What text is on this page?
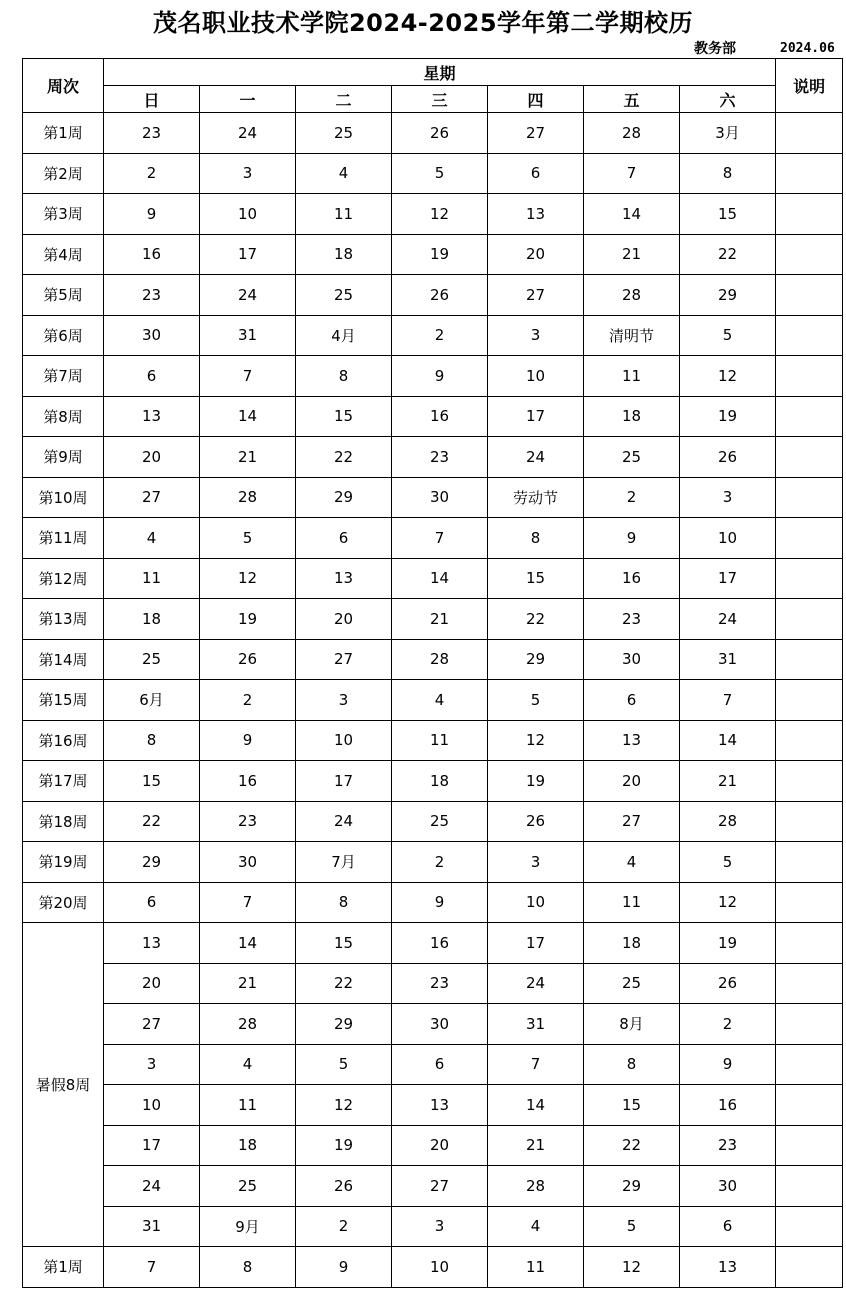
茂名职业技术学院2024-2025学年第二学期校历
教务部	2024.06
周次	星期							说明
	日	一	二	三	四	五	六	
第1周	23	24	25	26	27	28	3月	
第2周	2	3	4	5	6	7	8	
第3周	9	10	11	12	13	14	15	
第4周	16	17	18	19	20	21	22	
第5周	23	24	25	26	27	28	29	
第6周	30	31	4月	2	3	清明节	5	
第7周	6	7	8	9	10	11	12	
第8周	13	14	15	16	17	18	19	
第9周	20	21	22	23	24	25	26	
第10周	27	28	29	30	劳动节	2	3	
第11周	4	5	6	7	8	9	10	
第12周	11	12	13	14	15	16	17	
第13周	18	19	20	21	22	23	24	
第14周	25	26	27	28	29	30	31	
第15周	6月	2	3	4	5	6	7	
第16周	8	9	10	11	12	13	14	
第17周	15	16	17	18	19	20	21	
第18周	22	23	24	25	26	27	28	
第19周	29	30	7月	2	3	4	5	
第20周	6	7	8	9	10	11	12	
暑假8周	13	14	15	16	17	18	19	
	20	21	22	23	24	25	26	
	27	28	29	30	31	8月	2	
	3	4	5	6	7	8	9	
	10	11	12	13	14	15	16	
	17	18	19	20	21	22	23	
	24	25	26	27	28	29	30	
	31	9月	2	3	4	5	6	
第1周	7	8	9	10	11	12	13	
